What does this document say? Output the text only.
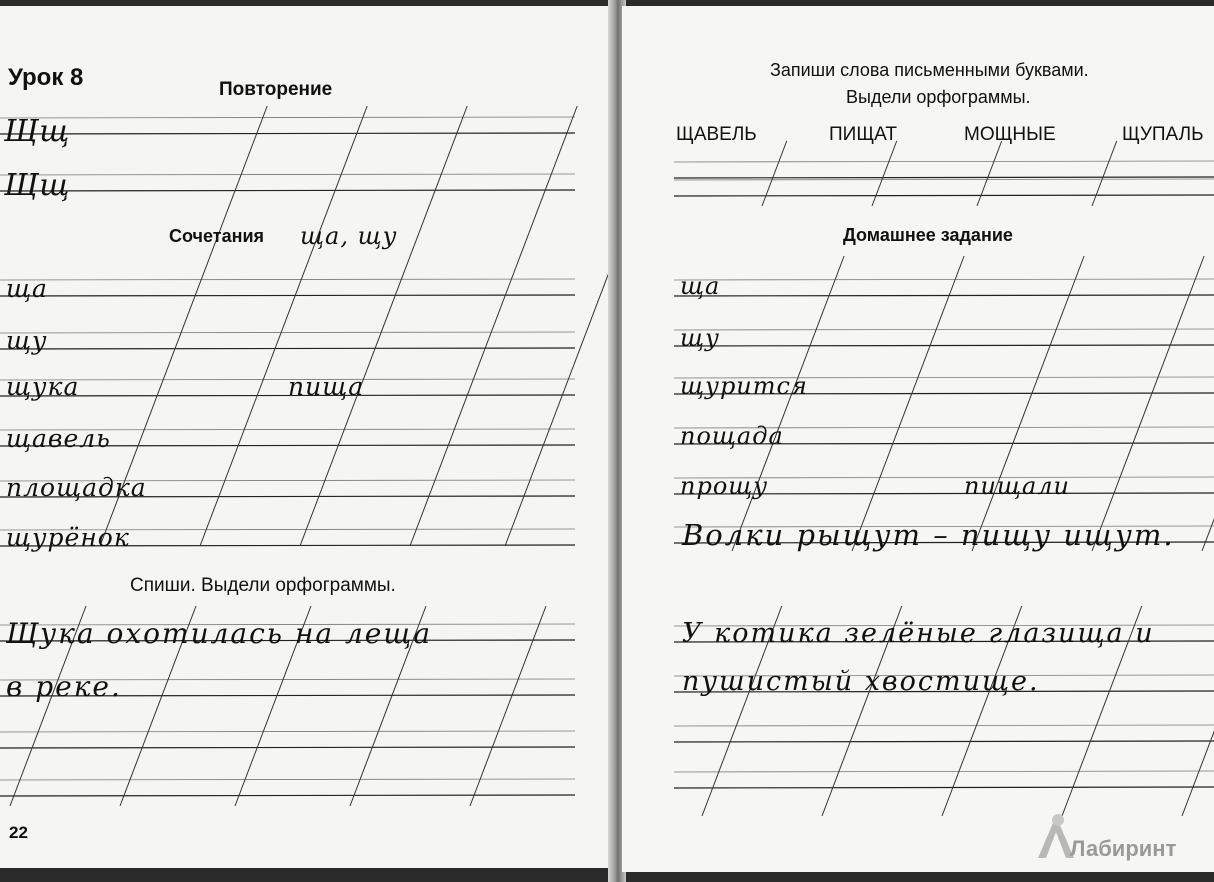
Урок 8	Повторение
Щщ
Щщ
Сочетания ща, щу
ща
щу
щука	пища
щавель
площадка
щурёнок
Спиши. Выдели орфограммы.
Щука охотилась на леща
в реке.
22
Запиши слова письменными буквами.
Выдели орфограммы.
ЩАВЕЛЬ	ПИЩАТ	МОЩНЫЕ	ЩУПАЛЬ
Домашнее задание
ща
щу
щурится
пощада
прощу	пищали
Волки рыщут – пищу ищут.
У котика зелёные глазища и
пушистый хвостище.
Лабиринт
